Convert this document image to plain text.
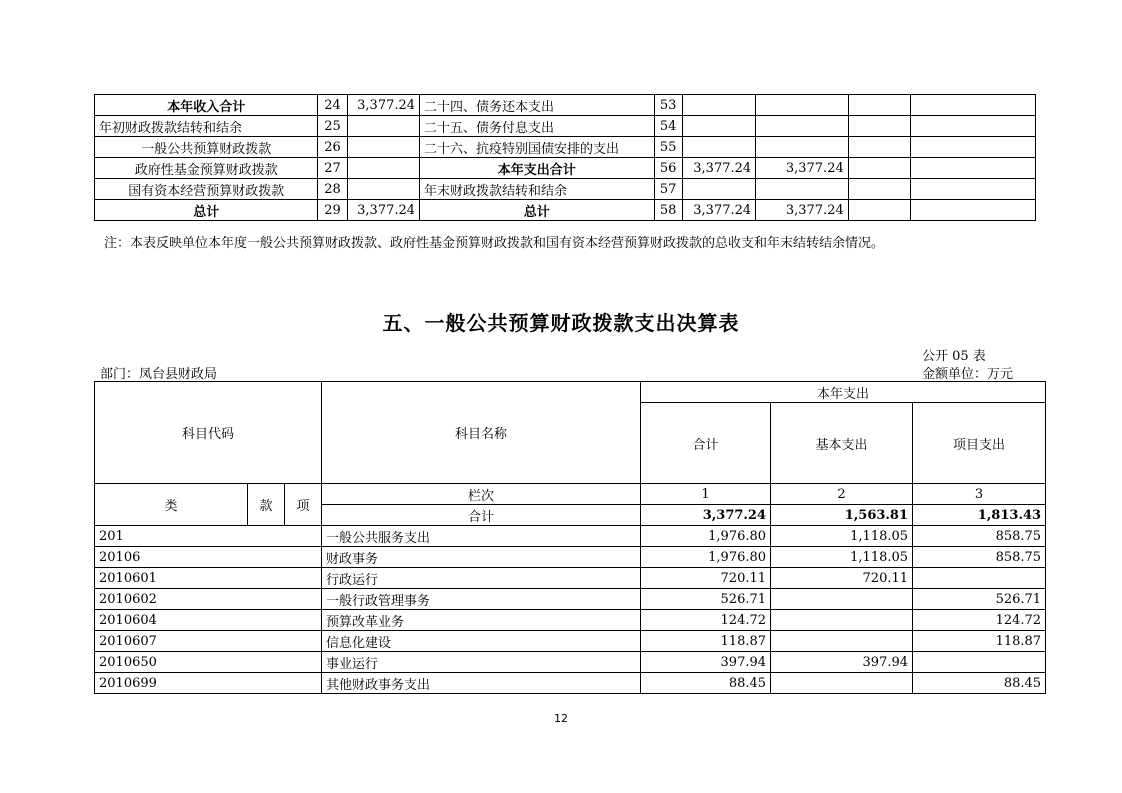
本年收入合计	24	3,377.24	二十四、债务还本支出	53				
年初财政拨款结转和结余	25		二十五、债务付息支出	54				
一般公共预算财政拨款	26		二十六、抗疫特别国债安排的支出	55				
政府性基金预算财政拨款	27		本年支出合计	56	3,377.24	3,377.24		
国有资本经营预算财政拨款	28		年末财政拨款结转和结余	57				
总计	29	3,377.24	总计	58	3,377.24	3,377.24		
注：本表反映单位本年度一般公共预算财政拨款、政府性基金预算财政拨款和国有资本经营预算财政拨款的总收支和年末结转结余情况。
五、一般公共预算财政拨款支出决算表
公开 05 表
部门：凤台县财政局	金额单位：万元
科目代码			科目名称	本年支出		
				合计	基本支出	项目支出
类	款	项	栏次	1	2	3
			合计	3,377.24	1,563.81	1,813.43
201			一般公共服务支出	1,976.80	1,118.05	858.75
20106			财政事务	1,976.80	1,118.05	858.75
2010601			行政运行	720.11	720.11	
2010602			一般行政管理事务	526.71		526.71
2010604			预算改革业务	124.72		124.72
2010607			信息化建设	118.87		118.87
2010650			事业运行	397.94	397.94	
2010699			其他财政事务支出	88.45		88.45
12
